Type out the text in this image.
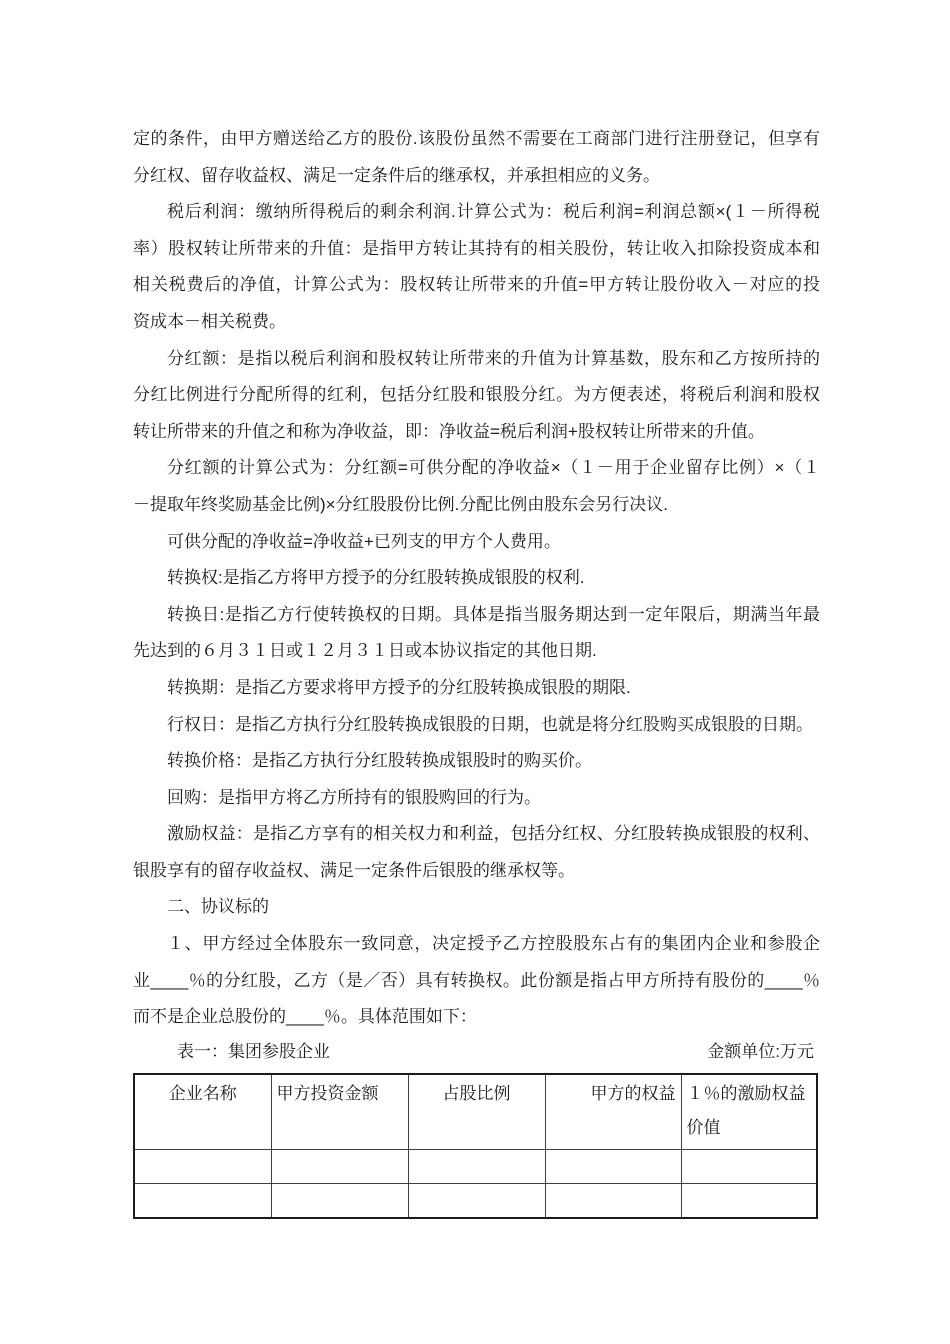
定的条件，由甲方赠送给乙方的股份.该股份虽然不需要在工商部门进行注册登记，但享有
分红权、留存收益权、满足一定条件后的继承权，并承担相应的义务。
税后利润：缴纳所得税后的剩余利润.计算公式为：税后利润=利润总额×(１－所得税
率）股权转让所带来的升值：是指甲方转让其持有的相关股份，转让收入扣除投资成本和
相关税费后的净值，计算公式为：股权转让所带来的升值=甲方转让股份收入－对应的投
资成本－相关税费。
分红额：是指以税后利润和股权转让所带来的升值为计算基数，股东和乙方按所持的
分红比例进行分配所得的红利，包括分红股和银股分红。为方便表述，将税后利润和股权
转让所带来的升值之和称为净收益，即：净收益=税后利润+股权转让所带来的升值。
分红额的计算公式为：分红额=可供分配的净收益×（１－用于企业留存比例）×（１
－提取年终奖励基金比例)×分红股股份比例.分配比例由股东会另行决议.
可供分配的净收益=净收益+已列支的甲方个人费用。
转换权:是指乙方将甲方授予的分红股转换成银股的权利.
转换日:是指乙方行使转换权的日期。具体是指当服务期达到一定年限后，期满当年最
先达到的６月３１日或１２月３１日或本协议指定的其他日期.
转换期：是指乙方要求将甲方授予的分红股转换成银股的期限.
行权日：是指乙方执行分红股转换成银股的日期，也就是将分红股购买成银股的日期。
转换价格：是指乙方执行分红股转换成银股时的购买价。
回购：是指甲方将乙方所持有的银股购回的行为。
激励权益：是指乙方享有的相关权力和利益，包括分红权、分红股转换成银股的权利、
银股享有的留存收益权、满足一定条件后银股的继承权等。
二、协议标的
１、甲方经过全体股东一致同意，决定授予乙方控股股东占有的集团内企业和参股企
业____％的分红股，乙方（是／否）具有转换权。此份额是指占甲方所持有股份的____％
而不是企业总股份的____％。具体范围如下：
表一：集团参股企业	金额单位:万元
企业名称	甲方投资金额	占股比例	甲方的权益	１％的激励权益价值
